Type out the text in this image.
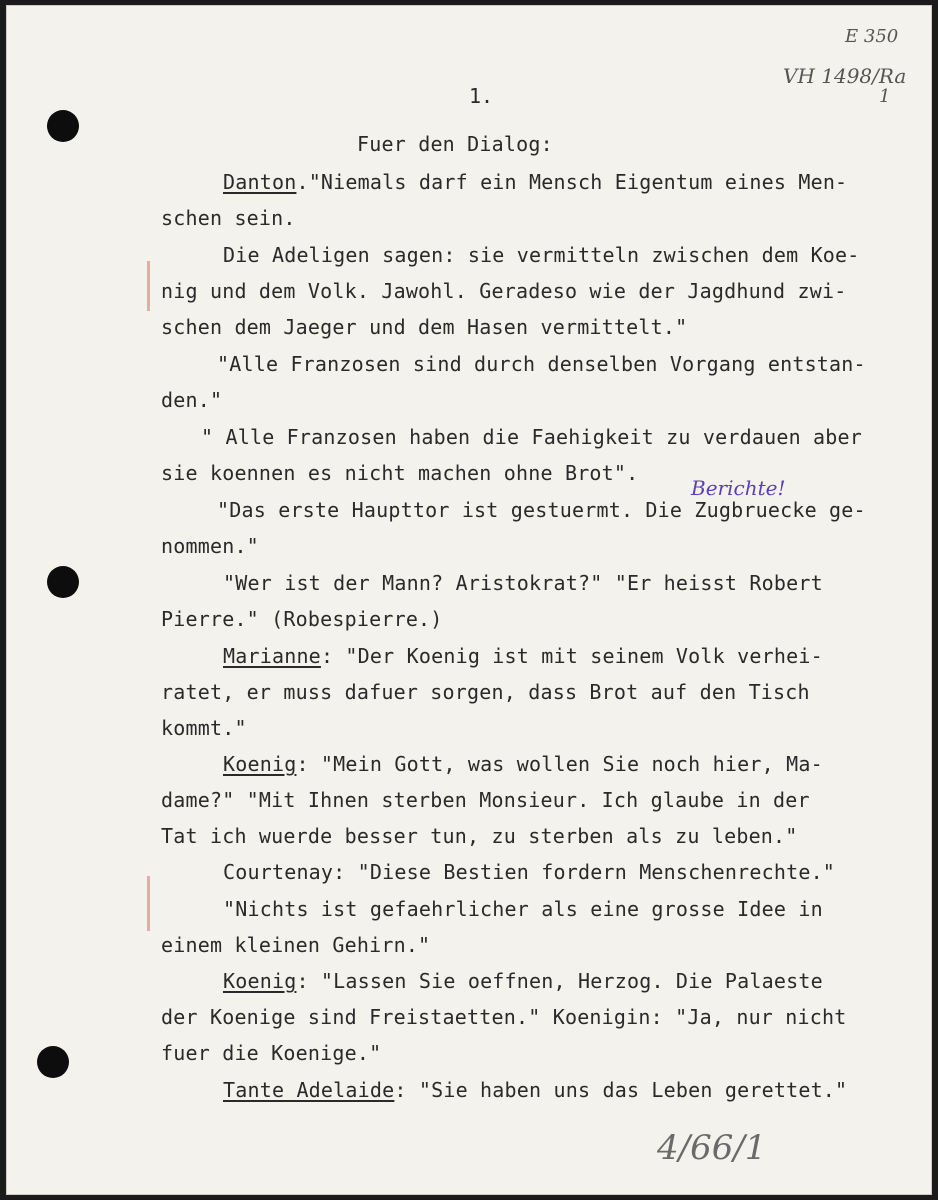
E 350
VH 1498/Ra
1
Berichte!
4/66/1
1.
Fuer den Dialog:
Danton."Niemals darf ein Mensch Eigentum eines Men-
schen sein.
Die Adeligen sagen: sie vermitteln zwischen dem Koe-
nig und dem Volk. Jawohl. Geradeso wie der Jagdhund zwi-
schen dem Jaeger und dem Hasen vermittelt."
"Alle Franzosen sind durch denselben Vorgang entstan-
den."
" Alle Franzosen haben die Faehigkeit zu verdauen aber
sie koennen es nicht machen ohne Brot".
"Das erste Haupttor ist gestuermt. Die Zugbruecke ge-
nommen."
"Wer ist der Mann? Aristokrat?" "Er heisst Robert
Pierre." (Robespierre.)
Marianne: "Der Koenig ist mit seinem Volk verhei-
ratet, er muss dafuer sorgen, dass Brot auf den Tisch
kommt."
Koenig: "Mein Gott, was wollen Sie noch hier, Ma-
dame?" "Mit Ihnen sterben Monsieur. Ich glaube in der
Tat ich wuerde besser tun, zu sterben als zu leben."
Courtenay: "Diese Bestien fordern Menschenrechte."
"Nichts ist gefaehrlicher als eine grosse Idee in
einem kleinen Gehirn."
Koenig: "Lassen Sie oeffnen, Herzog. Die Palaeste
der Koenige sind Freistaetten." Koenigin: "Ja, nur nicht
fuer die Koenige."
Tante Adelaide: "Sie haben uns das Leben gerettet."
